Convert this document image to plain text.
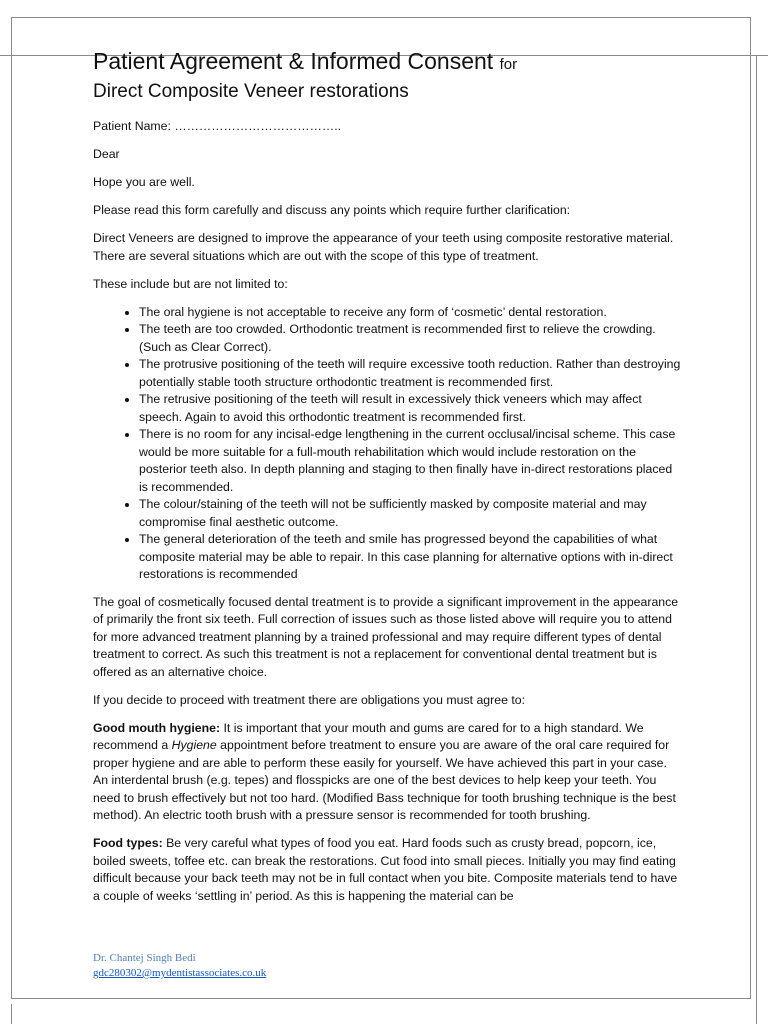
Patient Agreement & Informed Consent for
Direct Composite Veneer restorations

Patient Name: …………………………………..

Dear

Hope you are well.

Please read this form carefully and discuss any points which require further clarification:

Direct Veneers are designed to improve the appearance of your teeth using composite restorative material. There are several situations which are out with the scope of this type of treatment.

These include but are not limited to:

• The oral hygiene is not acceptable to receive any form of ‘cosmetic’ dental restoration.
• The teeth are too crowded. Orthodontic treatment is recommended first to relieve the crowding. (Such as Clear Correct).
• The protrusive positioning of the teeth will require excessive tooth reduction. Rather than destroying potentially stable tooth structure orthodontic treatment is recommended first.
• The retrusive positioning of the teeth will result in excessively thick veneers which may affect speech. Again to avoid this orthodontic treatment is recommended first.
• There is no room for any incisal-edge lengthening in the current occlusal/incisal scheme. This case would be more suitable for a full-mouth rehabilitation which would include restoration on the posterior teeth also. In depth planning and staging to then finally have in-direct restorations placed is recommended.
• The colour/staining of the teeth will not be sufficiently masked by composite material and may compromise final aesthetic outcome.
• The general deterioration of the teeth and smile has progressed beyond the capabilities of what composite material may be able to repair. In this case planning for alternative options with in-direct restorations is recommended

The goal of cosmetically focused dental treatment is to provide a significant improvement in the appearance of primarily the front six teeth. Full correction of issues such as those listed above will require you to attend for more advanced treatment planning by a trained professional and may require different types of dental treatment to correct. As such this treatment is not a replacement for conventional dental treatment but is offered as an alternative choice.

If you decide to proceed with treatment there are obligations you must agree to:

Good mouth hygiene: It is important that your mouth and gums are cared for to a high standard. We recommend a Hygiene appointment before treatment to ensure you are aware of the oral care required for proper hygiene and are able to perform these easily for yourself. We have achieved this part in your case. An interdental brush (e.g. tepes) and flosspicks are one of the best devices to help keep your teeth. You need to brush effectively but not too hard. (Modified Bass technique for tooth brushing technique is the best method). An electric tooth brush with a pressure sensor is recommended for tooth brushing.

Food types: Be very careful what types of food you eat. Hard foods such as crusty bread, popcorn, ice, boiled sweets, toffee etc. can break the restorations. Cut food into small pieces. Initially you may find eating difficult because your back teeth may not be in full contact when you bite. Composite materials tend to have a couple of weeks ‘settling in’ period. As this is happening the material can be

Dr. Chantej Singh Bedi
gdc280302@mydentistassociates.co.uk
